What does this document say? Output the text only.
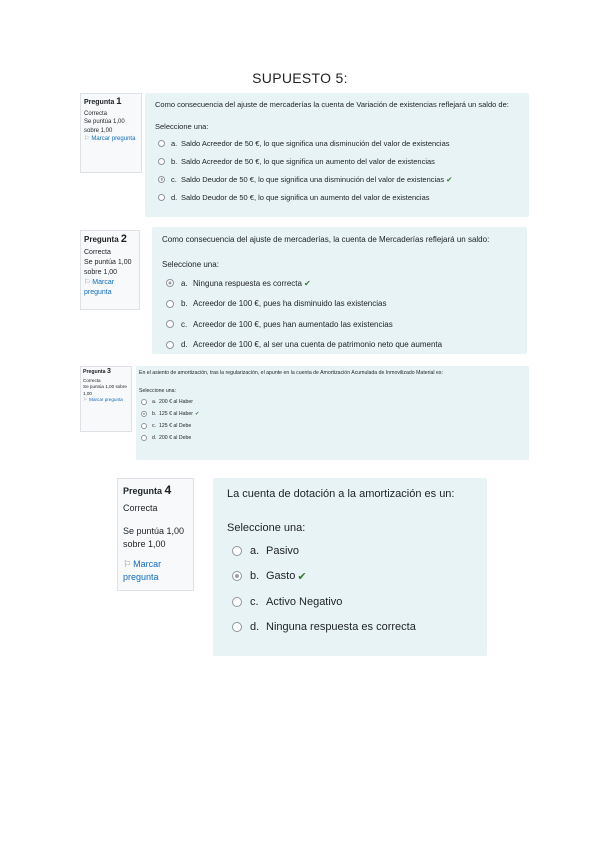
SUPUESTO 5:
Pregunta 1
Correcta
Se puntúa 1,00 sobre 1,00
⚐ Marcar pregunta
Como consecuencia del ajuste de mercaderías la cuenta de Variación de existencias reflejará un saldo de:
Seleccione una:
a. Saldo Acreedor de 50 €, lo que significa una disminución del valor de existencias
b. Saldo Acreedor de 50 €, lo que significa un aumento del valor de existencias
c. Saldo Deudor de 50 €, lo que significa una disminución del valor de existencias ✔
d. Saldo Deudor de 50 €, lo que significa un aumento del valor de existencias
Pregunta 2
Correcta
Se puntúa 1,00 sobre 1,00
⚐ Marcar pregunta
Como consecuencia del ajuste de mercaderías, la cuenta de Mercaderías reflejará un saldo:
Seleccione una:
a. Ninguna respuesta es correcta ✔
b. Acreedor de 100 €, pues ha disminuido las existencias
c. Acreedor de 100 €, pues han aumentado las existencias
d. Acreedor de 100 €, al ser una cuenta de patrimonio neto que aumenta
Pregunta 3
Correcta
Se puntúa 1,00 sobre 1,00
⚐ Marcar pregunta
En el asiento de amortización, tras la regularización, el apunte en la cuenta de Amortización Acumulada de Inmovilizado Material es:
Seleccione una:
a. 200 € al Haber
b. 125 € al Haber ✔
c. 125 € al Debe
d. 200 € al Debe
Pregunta 4
Correcta
Se puntúa 1,00 sobre 1,00
⚐ Marcar pregunta
La cuenta de dotación a la amortización es un:
Seleccione una:
a. Pasivo
b. Gasto ✔
c. Activo Negativo
d. Ninguna respuesta es correcta
